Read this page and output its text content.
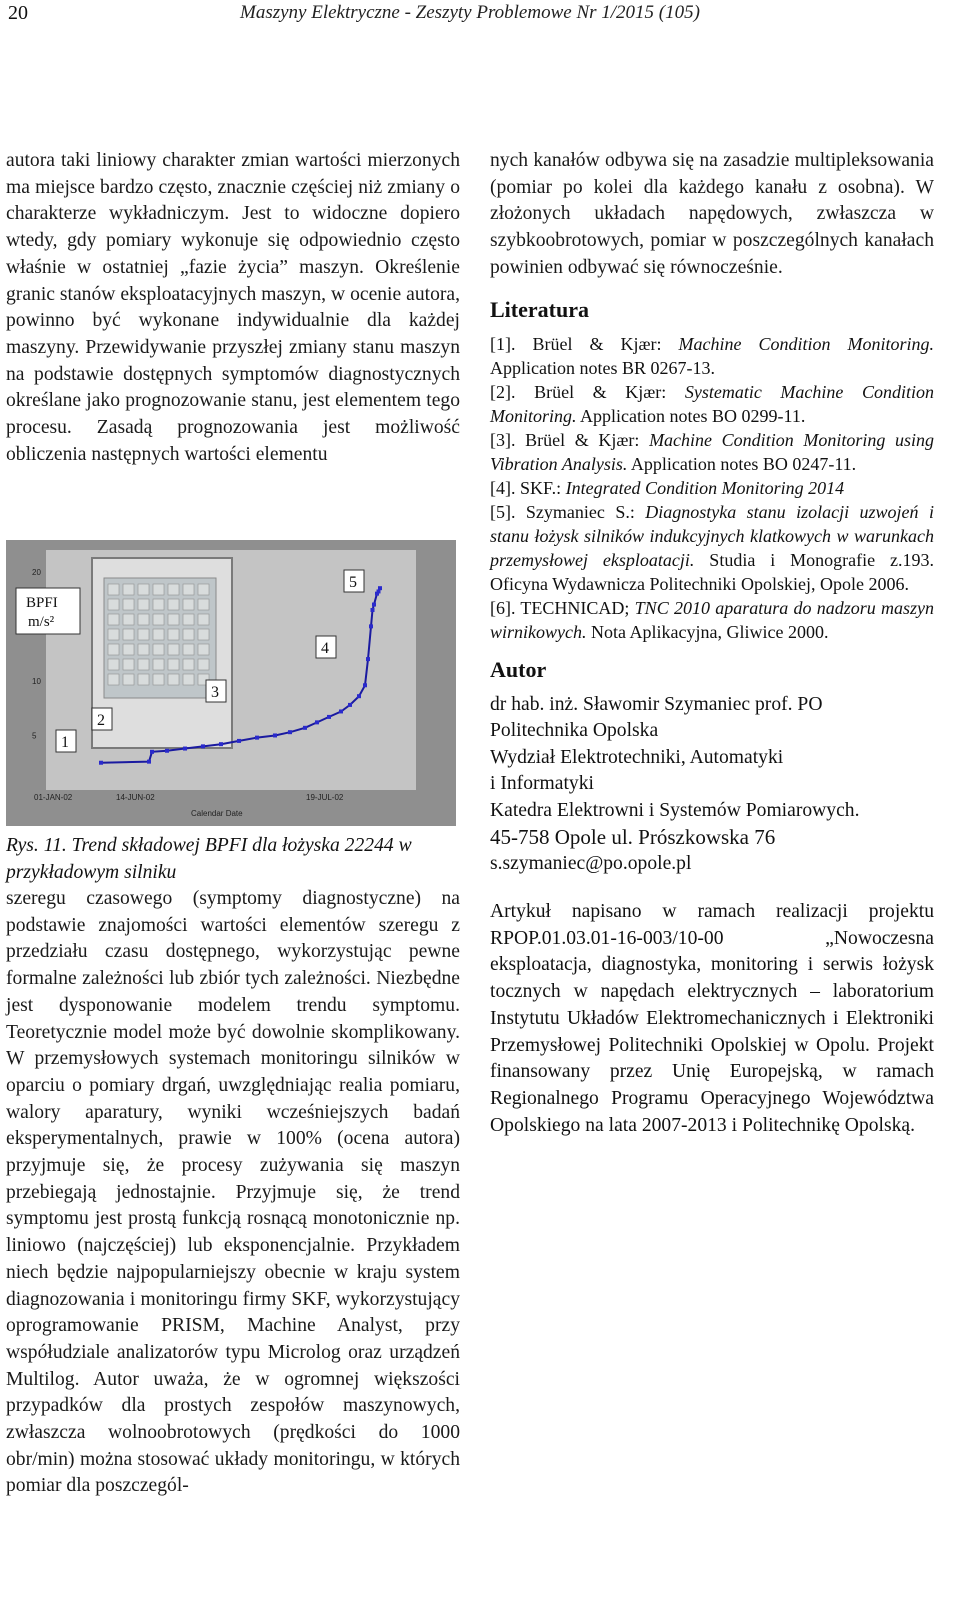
20	Maszyny Elektryczne - Zeszyty Problemowe Nr 1/2015 (105)

autora taki liniowy charakter zmian wartości mierzonych ma miejsce bardzo często, znacznie częściej niż zmiany o charakterze wykładniczym. Jest to widoczne dopiero wtedy, gdy pomiary wykonuje się odpowiednio często właśnie w ostatniej „fazie życia” maszyn. Określenie granic stanów eksploatacyjnych maszyn, w ocenie autora, powinno być wykonane indywidualnie dla każdej maszyny. Przewidywanie przyszłej zmiany stanu maszyn na podstawie dostępnych symptomów diagnostycznych określane jako prognozowanie stanu, jest elementem tego procesu. Zasadą prognozowania jest możliwość obliczenia następnych wartości elementu

5
10
20
01-JAN-02	14-JUN-02	19-JUL-02
Calendar Date
BPFI
m/s²
1
2
3
4
5
Rys. 11. Trend składowej BPFI dla łożyska 22244 w przykładowym silniku

szeregu czasowego (symptomy diagnostyczne) na podstawie znajomości wartości elementów szeregu z przedziału czasu dostępnego, wykorzystując pewne formalne zależności lub zbiór tych zależności. Niezbędne jest dysponowanie modelem trendu symptomu. Teoretycznie model może być dowolnie skomplikowany. W przemysłowych systemach monitoringu silników w oparciu o pomiary drgań, uwzględniając realia pomiaru, walory aparatury, wyniki wcześniejszych badań eksperymentalnych, prawie w 100% (ocena autora) przyjmuje się, że procesy zużywania się maszyn przebiegają jednostajnie. Przyjmuje się, że trend symptomu jest prostą funkcją rosnącą monotonicznie np. liniowo (najczęściej) lub eksponencjalnie. Przykładem niech będzie najpopularniejszy obecnie w kraju system diagnozowania i monitoringu firmy SKF, wykorzystujący oprogramowanie PRISM, Machine Analyst, przy współudziale analizatorów typu Microlog oraz urządzeń Multilog. Autor uważa, że w ogromnej większości przypadków dla prostych zespołów maszynowych, zwłaszcza wolnoobrotowych (prędkości do 1000 obr/min) można stosować układy monitoringu, w których pomiar dla poszczegól-

nych kanałów odbywa się na zasadzie multipleksowania (pomiar po kolei dla każdego kanału z osobna). W złożonych układach napędowych, zwłaszcza w szybkoobrotowych, pomiar w poszczególnych kanałach powinien odbywać się równocześnie.

Literatura
[1]. Brüel & Kjær: Machine Condition Monitoring. Application notes BR 0267-13.
[2]. Brüel & Kjær: Systematic Machine Condition Monitoring. Application notes BO 0299-11.
[3]. Brüel & Kjær: Machine Condition Monitoring using Vibration Analysis. Application notes BO 0247-11.
[4]. SKF.: Integrated Condition Monitoring 2014
[5]. Szymaniec S.: Diagnostyka stanu izolacji uzwojeń i stanu łożysk silników indukcyjnych klatkowych w warunkach przemysłowej eksploatacji. Studia i Monografie z.193. Oficyna Wydawnicza Politechniki Opolskiej, Opole 2006.
[6]. TECHNICAD; TNC 2010 aparatura do nadzoru maszyn wirnikowych. Nota Aplikacyjna, Gliwice 2000.
Autor

dr hab. inż. Sławomir Szymaniec prof. PO

Politechnika Opolska

Wydział Elektrotechniki, Automatyki

i Informatyki

Katedra Elektrowni i Systemów Pomiarowych.

45-758 Opole ul. Prószkowska 76

s.szymaniec@po.opole.pl

Artykuł napisano w ramach realizacji projektu RPOP.01.03.01-16-003/10-00 „Nowoczesna eksploatacja, diagnostyka, monitoring i serwis łożysk tocznych w napędach elektrycznych – laboratorium Instytutu Układów Elektromechanicznych i Elektroniki Przemysłowej Politechniki Opolskiej w Opolu. Projekt finansowany przez Unię Europejską, w ramach Regionalnego Programu Operacyjnego Województwa Opolskiego na lata 2007-2013 i Politechnikę Opolską.
